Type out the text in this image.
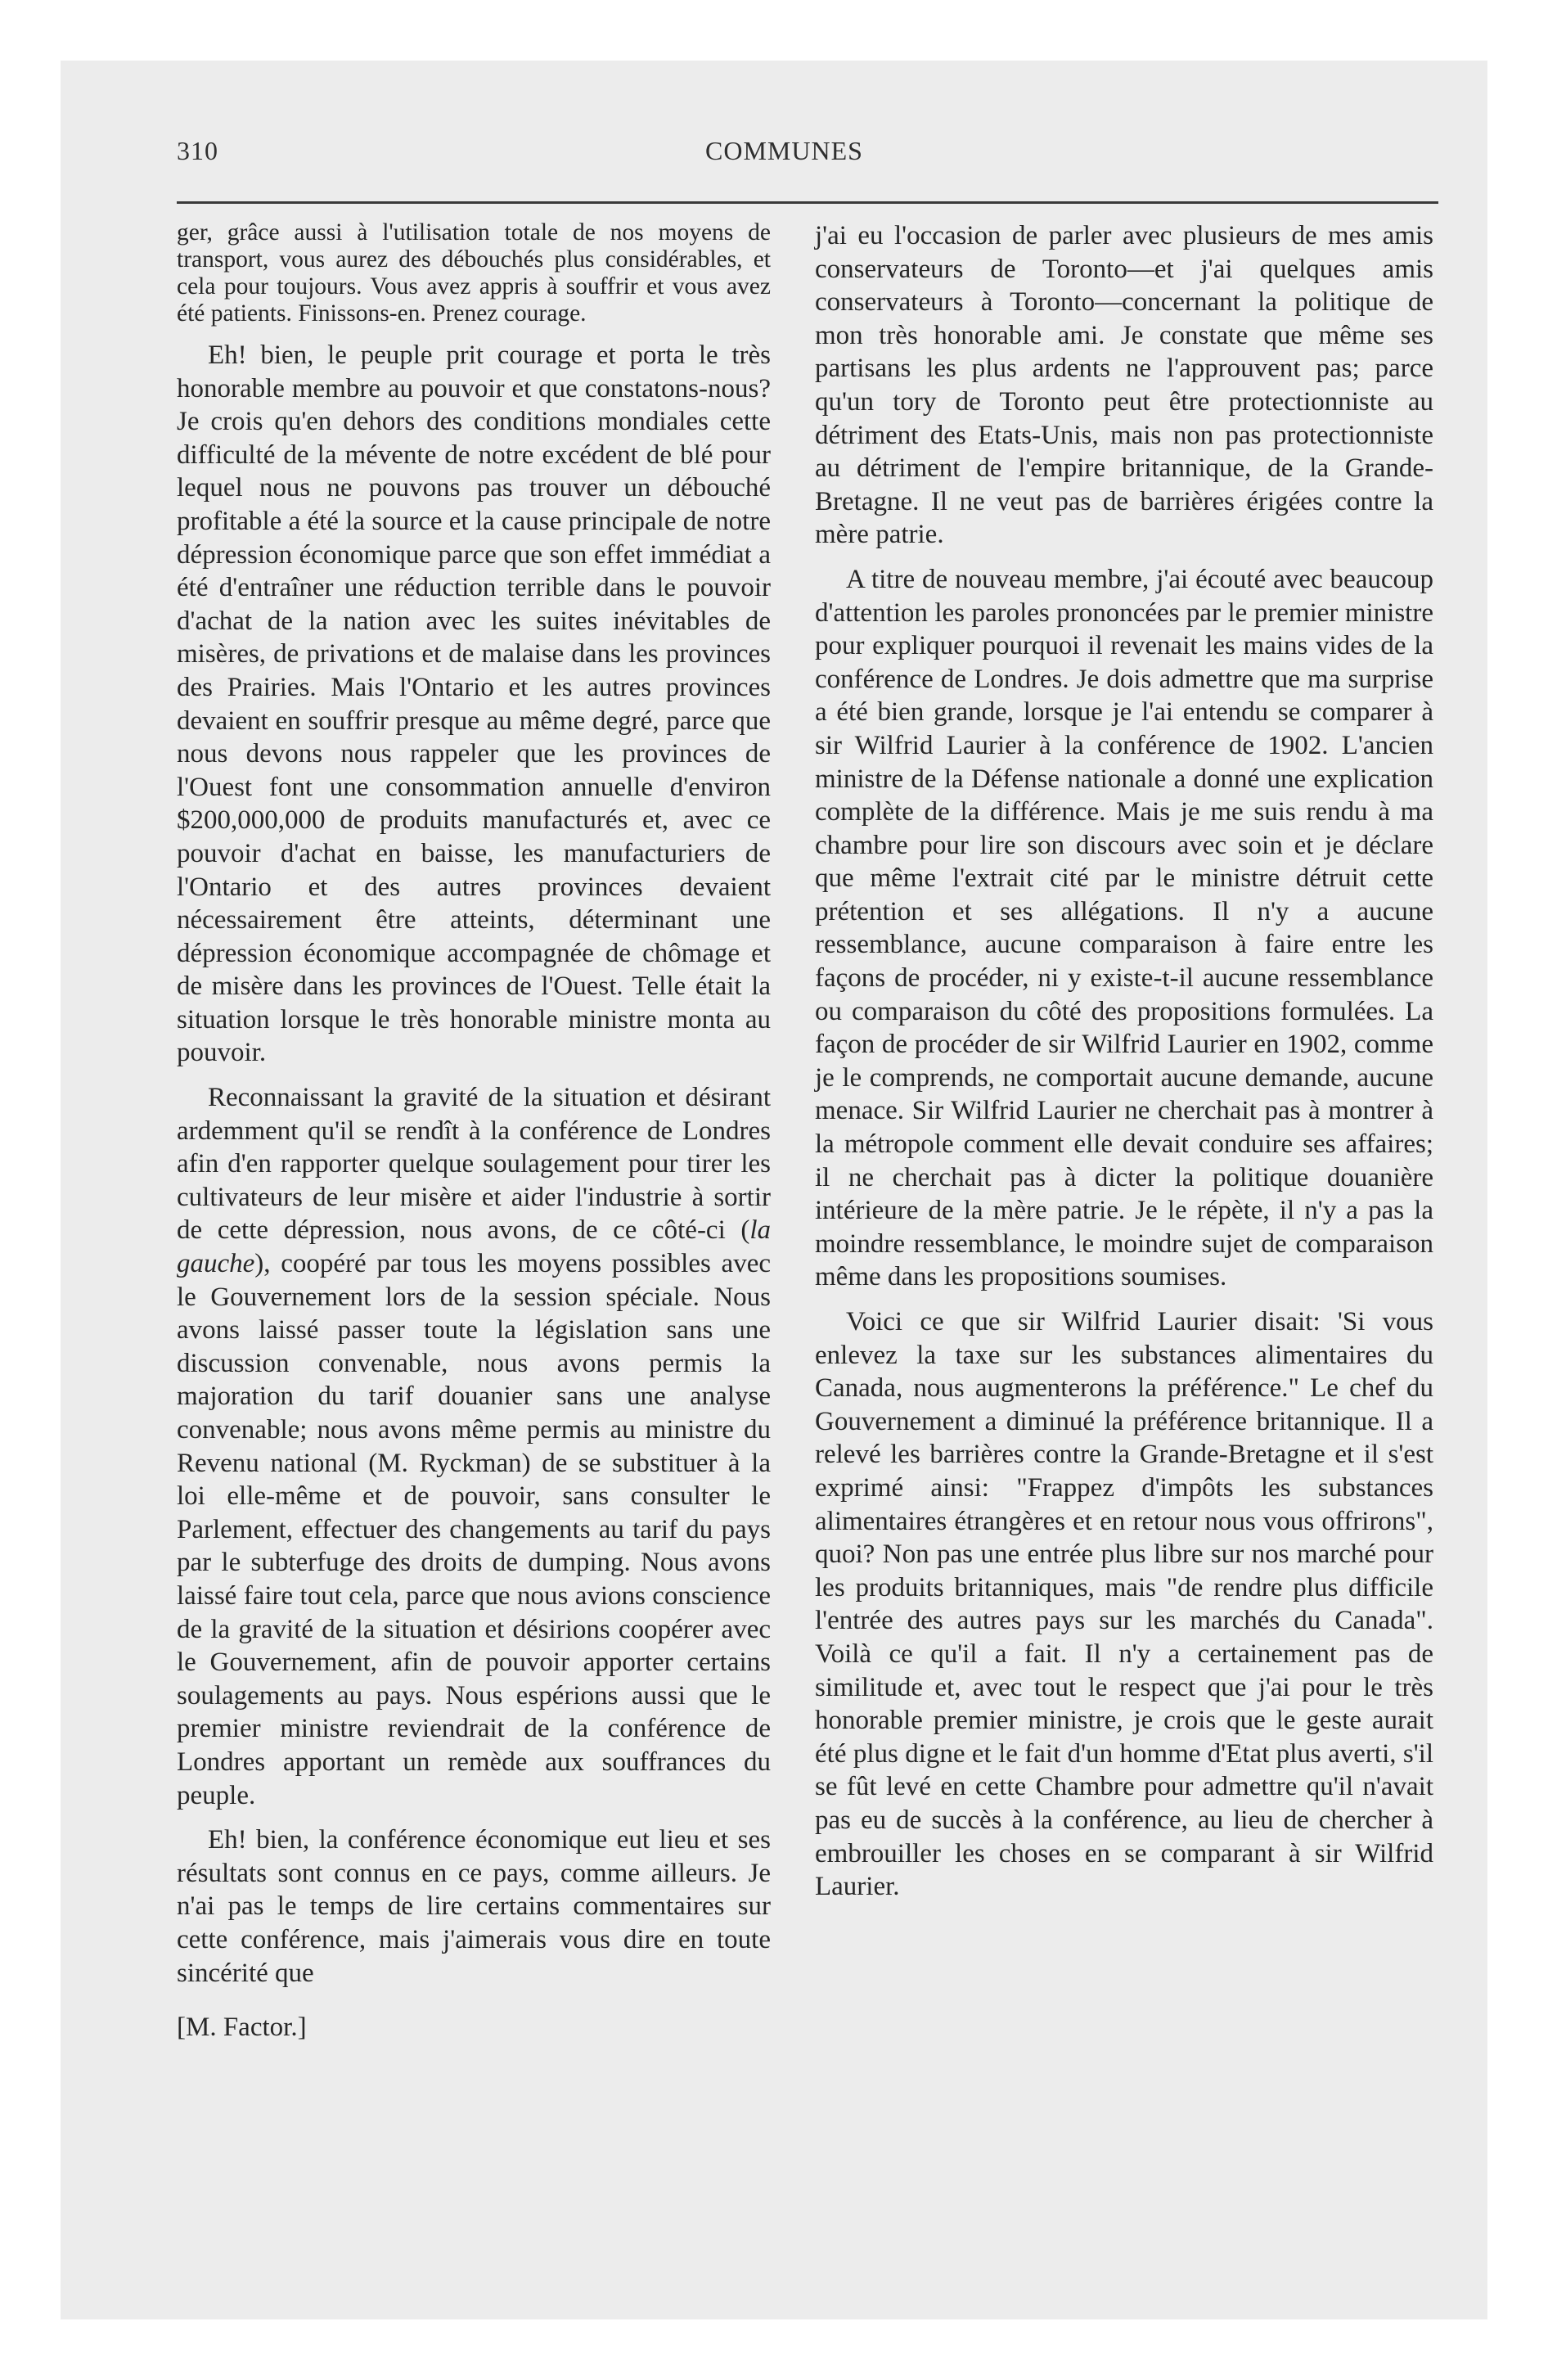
310	COMMUNES

ger, grâce aussi à l'utilisation totale de nos moyens de transport, vous aurez des débouchés plus considérables, et cela pour toujours. Vous avez appris à souffrir et vous avez été patients. Finissons-en. Prenez courage.

Eh! bien, le peuple prit courage et porta le très honorable membre au pouvoir et que constatons-nous? Je crois qu'en dehors des conditions mondiales cette difficulté de la mévente de notre excédent de blé pour lequel nous ne pouvons pas trouver un débouché profitable a été la source et la cause principale de notre dépression économique parce que son effet immédiat a été d'entraîner une réduction terrible dans le pouvoir d'achat de la nation avec les suites inévitables de misères, de privations et de malaise dans les provinces des Prairies. Mais l'Ontario et les autres provinces devaient en souffrir presque au même degré, parce que nous devons nous rappeler que les provinces de l'Ouest font une consommation annuelle d'environ $200,000,000 de produits manufacturés et, avec ce pouvoir d'achat en baisse, les manufacturiers de l'Ontario et des autres provinces devaient nécessairement être atteints, déterminant une dépression économique accompagnée de chômage et de misère dans les provinces de l'Ouest. Telle était la situation lorsque le très honorable ministre monta au pouvoir.

Reconnaissant la gravité de la situation et désirant ardemment qu'il se rendît à la conférence de Londres afin d'en rapporter quelque soulagement pour tirer les cultivateurs de leur misère et aider l'industrie à sortir de cette dépression, nous avons, de ce côté-ci (la gauche), coopéré par tous les moyens possibles avec le Gouvernement lors de la session spéciale. Nous avons laissé passer toute la législation sans une discussion convenable, nous avons permis la majoration du tarif douanier sans une analyse convenable; nous avons même permis au ministre du Revenu national (M. Ryckman) de se substituer à la loi elle-même et de pouvoir, sans consulter le Parlement, effectuer des changements au tarif du pays par le subterfuge des droits de dumping. Nous avons laissé faire tout cela, parce que nous avions conscience de la gravité de la situation et désirions coopérer avec le Gouvernement, afin de pouvoir apporter certains soulagements au pays. Nous espérions aussi que le premier ministre reviendrait de la conférence de Londres apportant un remède aux souffrances du peuple.

Eh! bien, la conférence économique eut lieu et ses résultats sont connus en ce pays, comme ailleurs. Je n'ai pas le temps de lire certains commentaires sur cette conférence, mais j'aimerais vous dire en toute sincérité que

[M. Factor.]

j'ai eu l'occasion de parler avec plusieurs de mes amis conservateurs de Toronto—et j'ai quelques amis conservateurs à Toronto—concernant la politique de mon très honorable ami. Je constate que même ses partisans les plus ardents ne l'approuvent pas; parce qu'un tory de Toronto peut être protectionniste au détriment des Etats-Unis, mais non pas protectionniste au détriment de l'empire britannique, de la Grande-Bretagne. Il ne veut pas de barrières érigées contre la mère patrie.

A titre de nouveau membre, j'ai écouté avec beaucoup d'attention les paroles prononcées par le premier ministre pour expliquer pourquoi il revenait les mains vides de la conférence de Londres. Je dois admettre que ma surprise a été bien grande, lorsque je l'ai entendu se comparer à sir Wilfrid Laurier à la conférence de 1902. L'ancien ministre de la Défense nationale a donné une explication complète de la différence. Mais je me suis rendu à ma chambre pour lire son discours avec soin et je déclare que même l'extrait cité par le ministre détruit cette prétention et ses allégations. Il n'y a aucune ressemblance, aucune comparaison à faire entre les façons de procéder, ni y existe-t-il aucune ressemblance ou comparaison du côté des propositions formulées. La façon de procéder de sir Wilfrid Laurier en 1902, comme je le comprends, ne comportait aucune demande, aucune menace. Sir Wilfrid Laurier ne cherchait pas à montrer à la métropole comment elle devait conduire ses affaires; il ne cherchait pas à dicter la politique douanière intérieure de la mère patrie. Je le répète, il n'y a pas la moindre ressemblance, le moindre sujet de comparaison même dans les propositions soumises.

Voici ce que sir Wilfrid Laurier disait: 'Si vous enlevez la taxe sur les substances alimentaires du Canada, nous augmenterons la préférence." Le chef du Gouvernement a diminué la préférence britannique. Il a relevé les barrières contre la Grande-Bretagne et il s'est exprimé ainsi: "Frappez d'impôts les substances alimentaires étrangères et en retour nous vous offrirons", quoi? Non pas une entrée plus libre sur nos marché pour les produits britanniques, mais "de rendre plus difficile l'entrée des autres pays sur les marchés du Canada". Voilà ce qu'il a fait. Il n'y a certainement pas de similitude et, avec tout le respect que j'ai pour le très honorable premier ministre, je crois que le geste aurait été plus digne et le fait d'un homme d'Etat plus averti, s'il se fût levé en cette Chambre pour admettre qu'il n'avait pas eu de succès à la conférence, au lieu de chercher à embrouiller les choses en se comparant à sir Wilfrid Laurier.
